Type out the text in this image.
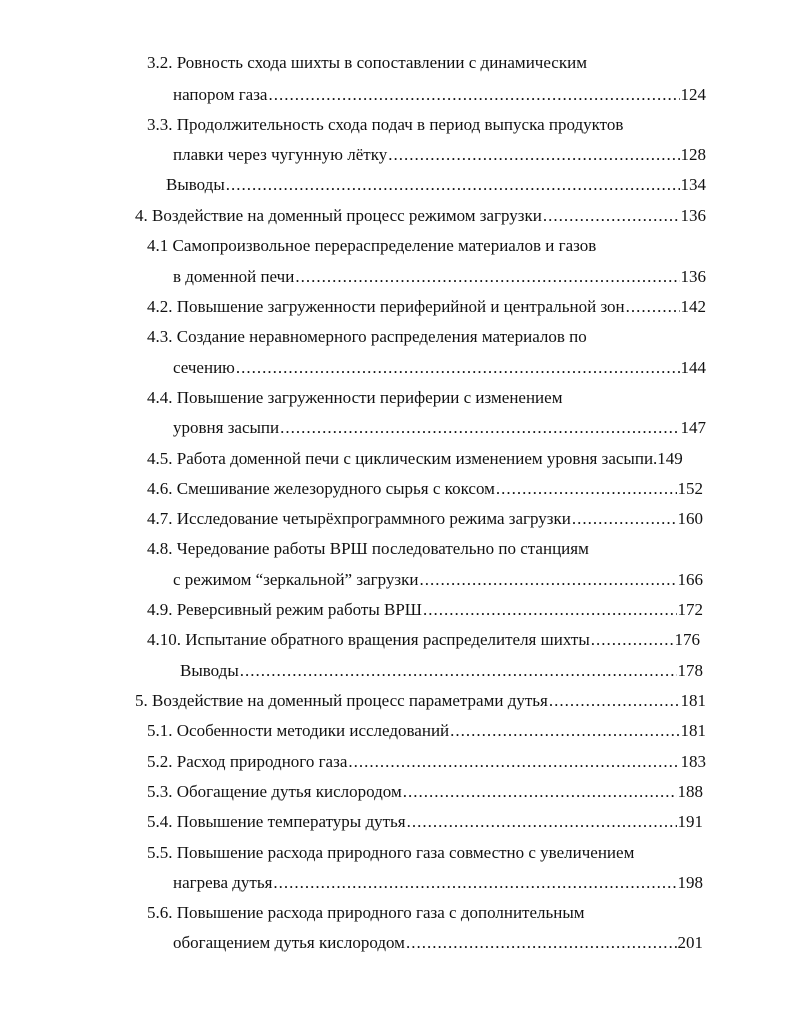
3.2. Ровность схода шихты в сопоставлении с динамическим
напором газа .....	124
3.3. Продолжительность схода подач в период выпуска продуктов
плавки через чугунную лётку .....	128
Выводы .....	134
4. Воздействие на доменный процесс режимом загрузки .....	136
4.1 Самопроизвольное перераспределение материалов и газов
в доменной печи .....	136
4.2. Повышение загруженности периферийной и центральной зон .....	142
4.3. Создание неравномерного распределения материалов по
сечению .....	144
4.4. Повышение загруженности периферии с изменением
уровня засыпи .....	147
4.5. Работа доменной печи с циклическим изменением уровня засыпи. 149
4.6. Смешивание железорудного сырья с коксом .....	152
4.7. Исследование четырёхпрограммного режима загрузки .....	160
4.8. Чередование работы ВРШ последовательно по станциям
с режимом “зеркальной” загрузки .....	166
4.9. Реверсивный режим работы ВРШ .....	172
4.10. Испытание обратного вращения распределителя шихты .....	176
Выводы .....	178
5. Воздействие на доменный процесс параметрами дутья .....	181
5.1. Особенности методики исследований .....	181
5.2. Расход природного газа .....	183
5.3. Обогащение дутья кислородом .....	188
5.4. Повышение температуры дутья .....	191
5.5. Повышение расхода природного газа совместно с увеличением
нагрева дутья .....	198
5.6. Повышение расхода природного газа с дополнительным
обогащением дутья кислородом .....	201
